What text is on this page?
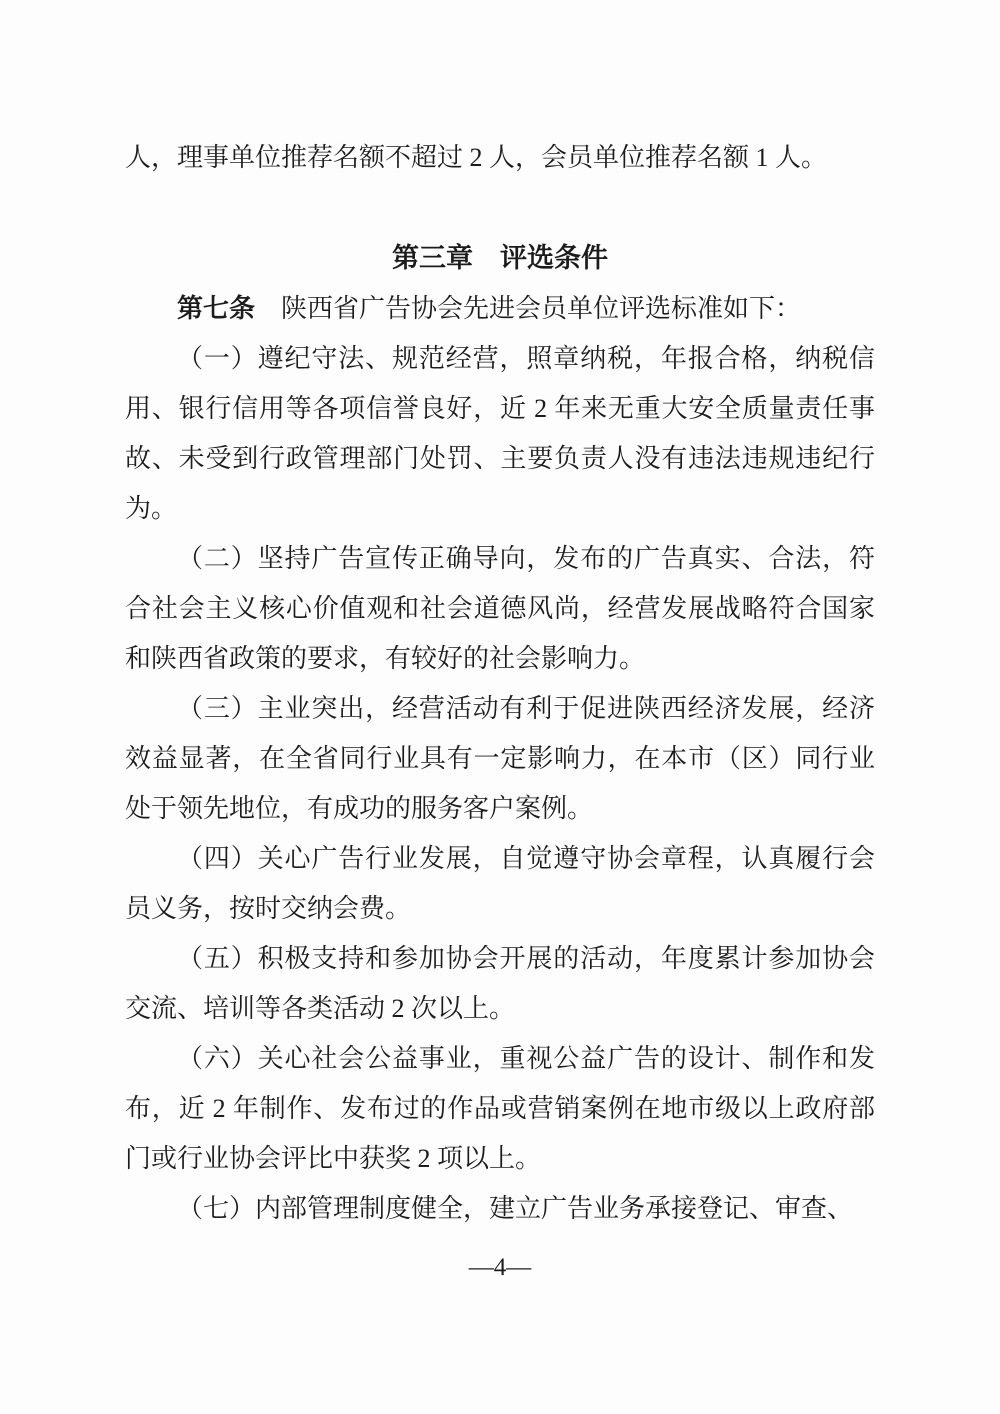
人，理事单位推荐名额不超过 2 人，会员单位推荐名额 1 人。

第三章　评选条件

第七条 陕西省广告协会先进会员单位评选标准如下：

（一）遵纪守法、规范经营，照章纳税，年报合格，纳税信用、银行信用等各项信誉良好，近 2 年来无重大安全质量责任事故、未受到行政管理部门处罚、主要负责人没有违法违规违纪行为。

（二）坚持广告宣传正确导向，发布的广告真实、合法，符合社会主义核心价值观和社会道德风尚，经营发展战略符合国家和陕西省政策的要求，有较好的社会影响力。

（三）主业突出，经营活动有利于促进陕西经济发展，经济效益显著，在全省同行业具有一定影响力，在本市（区）同行业处于领先地位，有成功的服务客户案例。

（四）关心广告行业发展，自觉遵守协会章程，认真履行会员义务，按时交纳会费。

（五）积极支持和参加协会开展的活动，年度累计参加协会交流、培训等各类活动 2 次以上。

（六）关心社会公益事业，重视公益广告的设计、制作和发布，近 2 年制作、发布过的作品或营销案例在地市级以上政府部门或行业协会评比中获奖 2 项以上。

（七）内部管理制度健全，建立广告业务承接登记、审查、

—4—
